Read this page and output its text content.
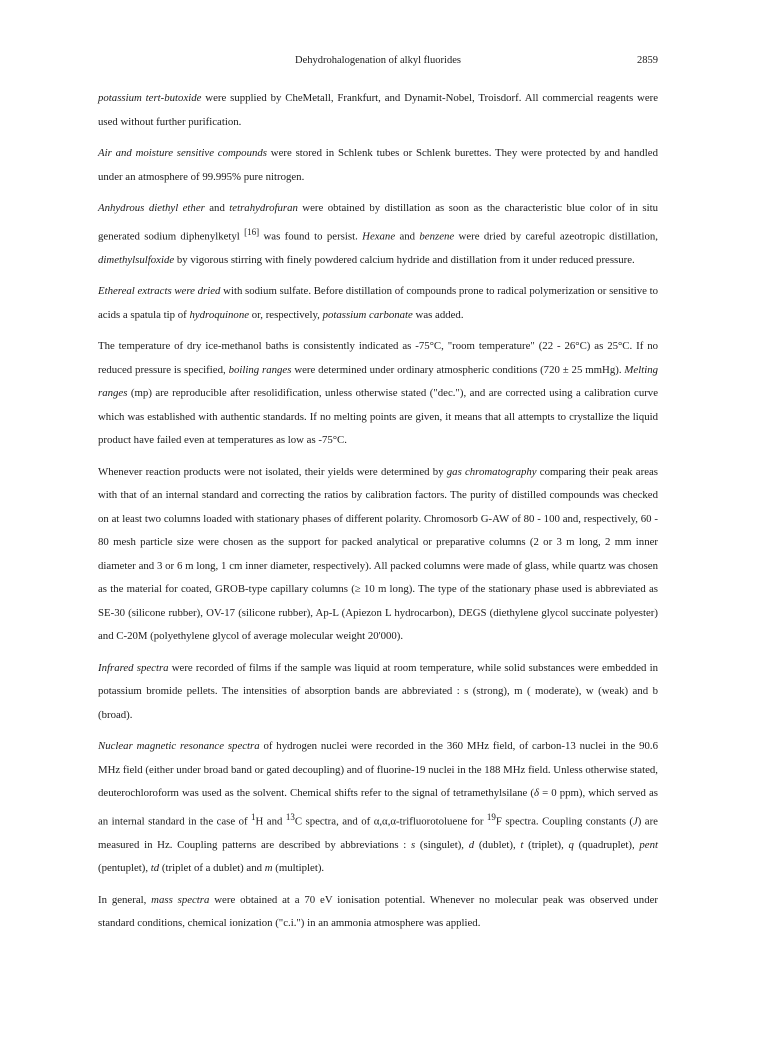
Dehydrohalogenation of alkyl fluorides	2859

potassium tert-butoxide were supplied by CheMetall, Frankfurt, and Dynamit-Nobel, Troisdorf. All commercial reagents were used without further purification.

Air and moisture sensitive compounds were stored in Schlenk tubes or Schlenk burettes. They were protected by and handled under an atmosphere of 99.995% pure nitrogen.

Anhydrous diethyl ether and tetrahydrofuran were obtained by distillation as soon as the characteristic blue color of in situ generated sodium diphenylketyl [16] was found to persist. Hexane and benzene were dried by careful azeotropic distillation, dimethylsulfoxide by vigorous stirring with finely powdered calcium hydride and distillation from it under reduced pressure.

Ethereal extracts were dried with sodium sulfate. Before distillation of compounds prone to radical polymerization or sensitive to acids a spatula tip of hydroquinone or, respectively, potassium carbonate was added.

The temperature of dry ice-methanol baths is consistently indicated as -75°C, "room temperature" (22 - 26°C) as 25°C. If no reduced pressure is specified, boiling ranges were determined under ordinary atmospheric conditions (720 ± 25 mmHg). Melting ranges (mp) are reproducible after resolidification, unless otherwise stated ("dec."), and are corrected using a calibration curve which was established with authentic standards. If no melting points are given, it means that all attempts to crystallize the liquid product have failed even at temperatures as low as -75°C.

Whenever reaction products were not isolated, their yields were determined by gas chromatography comparing their peak areas with that of an internal standard and correcting the ratios by calibration factors. The purity of distilled compounds was checked on at least two columns loaded with stationary phases of different polarity. Chromosorb G-AW of 80 - 100 and, respectively, 60 - 80 mesh particle size were chosen as the support for packed analytical or preparative columns (2 or 3 m long, 2 mm inner diameter and 3 or 6 m long, 1 cm inner diameter, respectively). All packed columns were made of glass, while quartz was chosen as the material for coated, GROB-type capillary columns (≥ 10 m long). The type of the stationary phase used is abbreviated as SE-30 (silicone rubber), OV-17 (silicone rubber), Ap-L (Apiezon L hydrocarbon), DEGS (diethylene glycol succinate polyester) and C-20M (polyethylene glycol of average molecular weight 20'000).

Infrared spectra were recorded of films if the sample was liquid at room temperature, while solid substances were embedded in potassium bromide pellets. The intensities of absorption bands are abbreviated : s (strong), m ( moderate), w (weak) and b (broad).

Nuclear magnetic resonance spectra of hydrogen nuclei were recorded in the 360 MHz field, of carbon-13 nuclei in the 90.6 MHz field (either under broad band or gated decoupling) and of fluorine-19 nuclei in the 188 MHz field. Unless otherwise stated, deuterochloroform was used as the solvent. Chemical shifts refer to the signal of tetramethylsilane (δ = 0 ppm), which served as an internal standard in the case of $^1$H and $^{13}$C spectra, and of α,α,α-trifluorotoluene for $^{19}$F spectra. Coupling constants (J) are measured in Hz. Coupling patterns are described by abbreviations : s (singulet), d (dublet), t (triplet), q (quadruplet), pent (pentuplet), td (triplet of a dublet) and m (multiplet).

In general, mass spectra were obtained at a 70 eV ionisation potential. Whenever no molecular peak was observed under standard conditions, chemical ionization ("c.i.") in an ammonia atmosphere was applied.
